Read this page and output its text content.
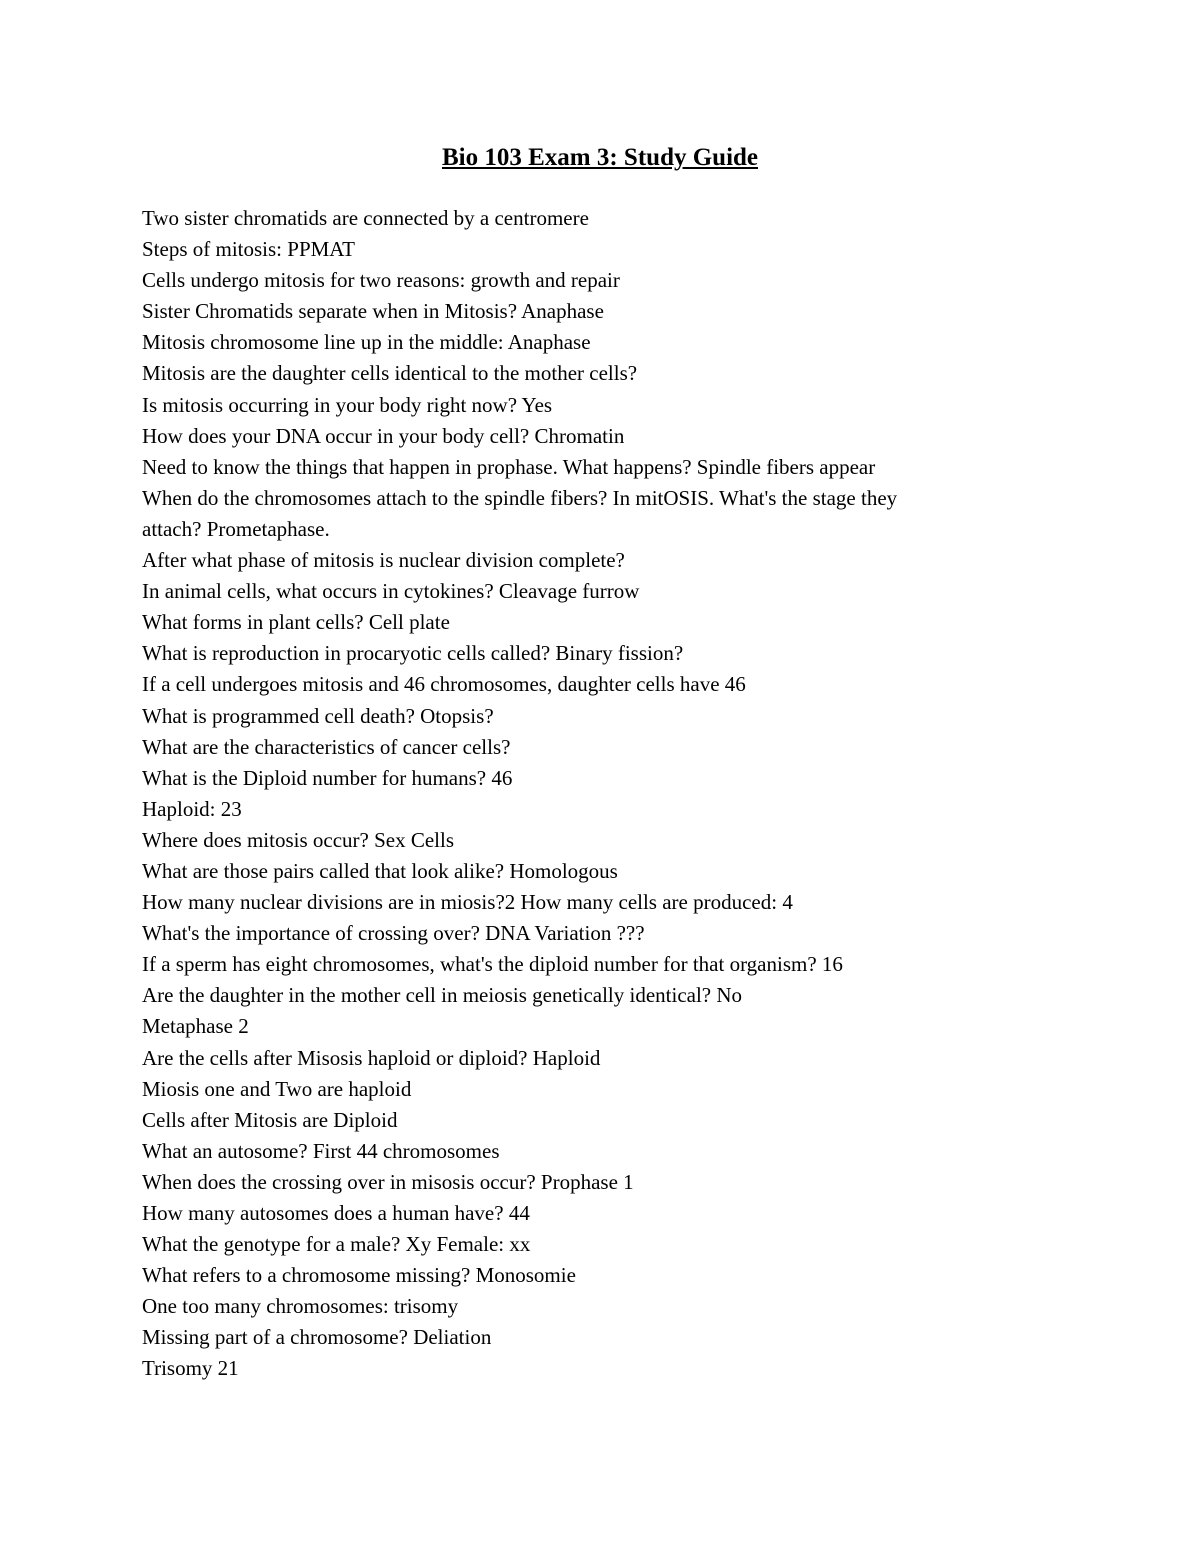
Bio 103 Exam 3: Study Guide
Two sister chromatids are connected by a centromere
Steps of mitosis: PPMAT
Cells undergo mitosis for two reasons: growth and repair
Sister Chromatids separate when in Mitosis? Anaphase
Mitosis chromosome line up in the middle: Anaphase
Mitosis are the daughter cells identical to the mother cells?
Is mitosis occurring in your body right now? Yes
How does your DNA occur in your body cell? Chromatin
Need to know the things that happen in prophase. What happens? Spindle fibers appear
When do the chromosomes attach to the spindle fibers? In mitOSIS. What's the stage they
attach? Prometaphase.
After what phase of mitosis is nuclear division complete?
In animal cells, what occurs in cytokines? Cleavage furrow
What forms in plant cells? Cell plate
What is reproduction in procaryotic cells called? Binary fission?
If a cell undergoes mitosis and 46 chromosomes, daughter cells have 46
What is programmed cell death? Otopsis?
What are the characteristics of cancer cells?
What is the Diploid number for humans? 46
Haploid: 23
Where does mitosis occur? Sex Cells
What are those pairs called that look alike? Homologous
How many nuclear divisions are in miosis?2 How many cells are produced: 4
What's the importance of crossing over? DNA Variation ???
If a sperm has eight chromosomes, what's the diploid number for that organism? 16
Are the daughter in the mother cell in meiosis genetically identical? No
Metaphase 2
Are the cells after Misosis haploid or diploid? Haploid
Miosis one and Two are haploid
Cells after Mitosis are Diploid
What an autosome? First 44 chromosomes
When does the crossing over in misosis occur? Prophase 1
How many autosomes does a human have? 44
What the genotype for a male? Xy Female: xx
What refers to a chromosome missing? Monosomie
One too many chromosomes: trisomy
Missing part of a chromosome? Deliation
Trisomy 21
